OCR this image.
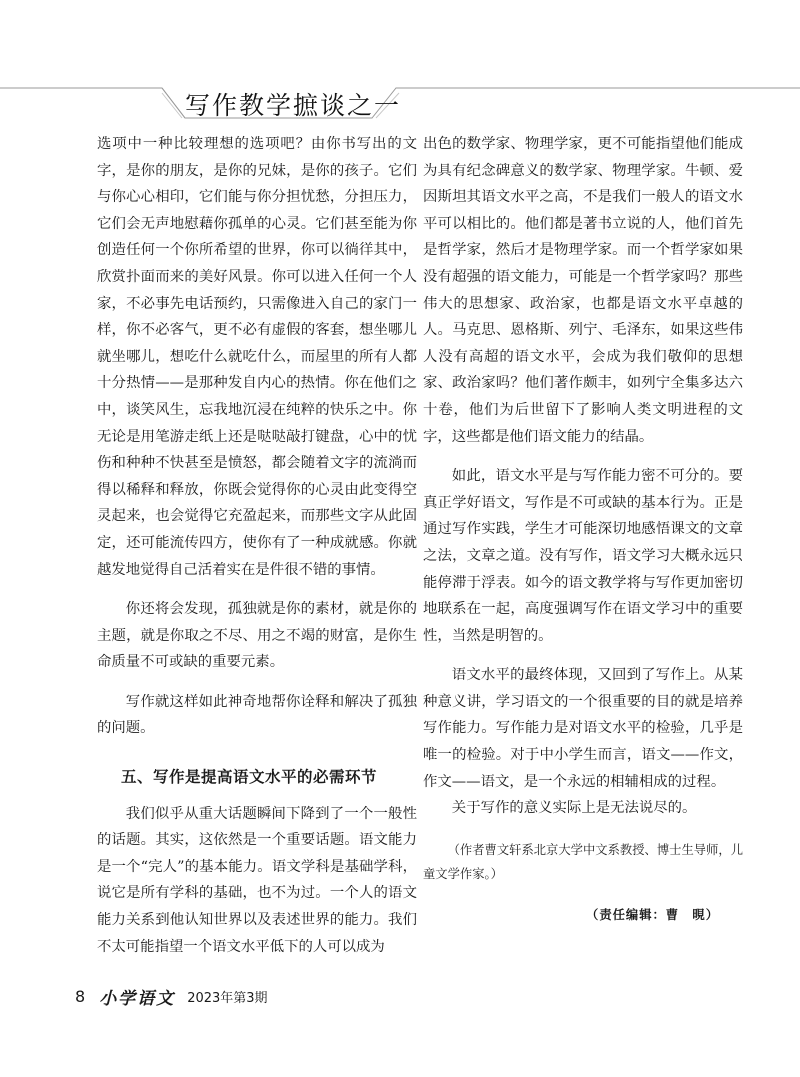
写作教学摭谈之一

选项中一种比较理想的选项吧？由你书写出的文字，是你的朋友，是你的兄妹，是你的孩子。它们与你心心相印，它们能与你分担忧愁，分担压力，它们会无声地慰藉你孤单的心灵。它们甚至能为你创造任何一个你所希望的世界，你可以徜徉其中，欣赏扑面而来的美好风景。你可以进入任何一个人家，不必事先电话预约，只需像进入自己的家门一样，你不必客气，更不必有虚假的客套，想坐哪儿就坐哪儿，想吃什么就吃什么，而屋里的所有人都十分热情——是那种发自内心的热情。你在他们之中，谈笑风生，忘我地沉浸在纯粹的快乐之中。你无论是用笔游走纸上还是哒哒敲打键盘，心中的忧伤和种种不快甚至是愤怒，都会随着文字的流淌而得以稀释和释放，你既会觉得你的心灵由此变得空灵起来，也会觉得它充盈起来，而那些文字从此固定，还可能流传四方，使你有了一种成就感。你就越发地觉得自己活着实在是件很不错的事情。

你还将会发现，孤独就是你的素材，就是你的主题，就是你取之不尽、用之不竭的财富，是你生命质量不可或缺的重要元素。

写作就这样如此神奇地帮你诠释和解决了孤独的问题。

五、写作是提高语文水平的必需环节

我们似乎从重大话题瞬间下降到了一个一般性的话题。其实，这依然是一个重要话题。语文能力是一个“完人”的基本能力。语文学科是基础学科，说它是所有学科的基础，也不为过。一个人的语文能力关系到他认知世界以及表述世界的能力。我们不太可能指望一个语文水平低下的人可以成为

出色的数学家、物理学家，更不可能指望他们能成为具有纪念碑意义的数学家、物理学家。牛顿、爱因斯坦其语文水平之高，不是我们一般人的语文水平可以相比的。他们都是著书立说的人，他们首先是哲学家，然后才是物理学家。而一个哲学家如果没有超强的语文能力，可能是一个哲学家吗？那些伟大的思想家、政治家，也都是语文水平卓越的人。马克思、恩格斯、列宁、毛泽东，如果这些伟人没有高超的语文水平，会成为我们敬仰的思想家、政治家吗？他们著作颇丰，如列宁全集多达六十卷，他们为后世留下了影响人类文明进程的文字，这些都是他们语文能力的结晶。

如此，语文水平是与写作能力密不可分的。要真正学好语文，写作是不可或缺的基本行为。正是通过写作实践，学生才可能深切地感悟课文的文章之法，文章之道。没有写作，语文学习大概永远只能停滞于浮表。如今的语文教学将与写作更加密切地联系在一起，高度强调写作在语文学习中的重要性，当然是明智的。

语文水平的最终体现，又回到了写作上。从某种意义讲，学习语文的一个很重要的目的就是培养写作能力。写作能力是对语文水平的检验，几乎是唯一的检验。对于中小学生而言，语文——作文，作文——语文，是一个永远的相辅相成的过程。

关于写作的意义实际上是无法说尽的。

（作者曹文轩系北京大学中文系教授、博士生导师，儿童文学作家。）

（责任编辑：曹　晛）

8 小学语文 2023年第3期
